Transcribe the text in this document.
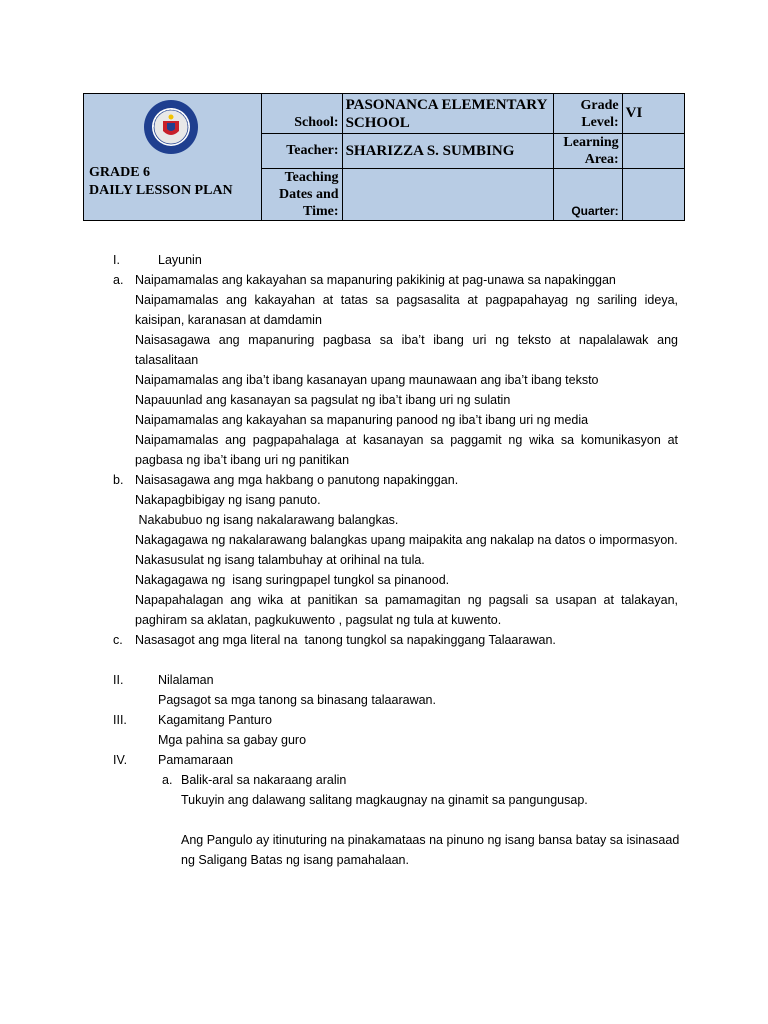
GRADE 6
DAILY LESSON PLAN	School:	PASONANCA ELEMENTARY SCHOOL	Grade Level:	VI
	Teacher:	SHARIZZA S. SUMBING	Learning Area:	
	Teaching Dates and Time:		Quarter:	
I.	Layunin
a. Naipamamalas ang kakayahan sa mapanuring pakikinig at pag-unawa sa napakinggan
Naipamamalas ang kakayahan at tatas sa pagsasalita at pagpapahayag ng sariling ideya,
kaisipan, karanasan at damdamin
Naisasagawa ang mapanuring pagbasa sa iba’t ibang uri ng teksto at napalalawak ang
talasalitaan
Naipamamalas ang iba’t ibang kasanayan upang maunawaan ang iba’t ibang teksto
Napauunlad ang kasanayan sa pagsulat ng iba’t ibang uri ng sulatin
Naipamamalas ang kakayahan sa mapanuring panood ng iba’t ibang uri ng media
Naipamamalas ang pagpapahalaga at kasanayan sa paggamit ng wika sa komunikasyon at
pagbasa ng iba’t ibang uri ng panitikan
b. Naisasagawa ang mga hakbang o panutong napakinggan.
Nakapagbibigay ng isang panuto.
Nakabubuo ng isang nakalarawang balangkas.
Nakagagawa ng nakalarawang balangkas upang maipakita ang nakalap na datos o impormasyon.
Nakasusulat ng isang talambuhay at orihinal na tula.
Nakagagawa ng  isang suringpapel tungkol sa pinanood.
Napapahalagan ang wika at panitikan sa pamamagitan ng pagsali sa usapan at talakayan,
paghiram sa aklatan, pagkukuwento , pagsulat ng tula at kuwento.
c. Nasasagot ang mga literal na  tanong tungkol sa napakinggang Talaarawan.
II.	Nilalaman
Pagsagot sa mga tanong sa binasang talaarawan.
III. Kagamitang Panturo
Mga pahina sa gabay guro
IV. Pamamaraan
a. Balik-aral sa nakaraang aralin
Tukuyin ang dalawang salitang magkaugnay na ginamit sa pangungusap.
Ang Pangulo ay itinuturing na pinakamataas na pinuno ng isang bansa batay sa isinasaad
ng Saligang Batas ng isang pamahalaan.
